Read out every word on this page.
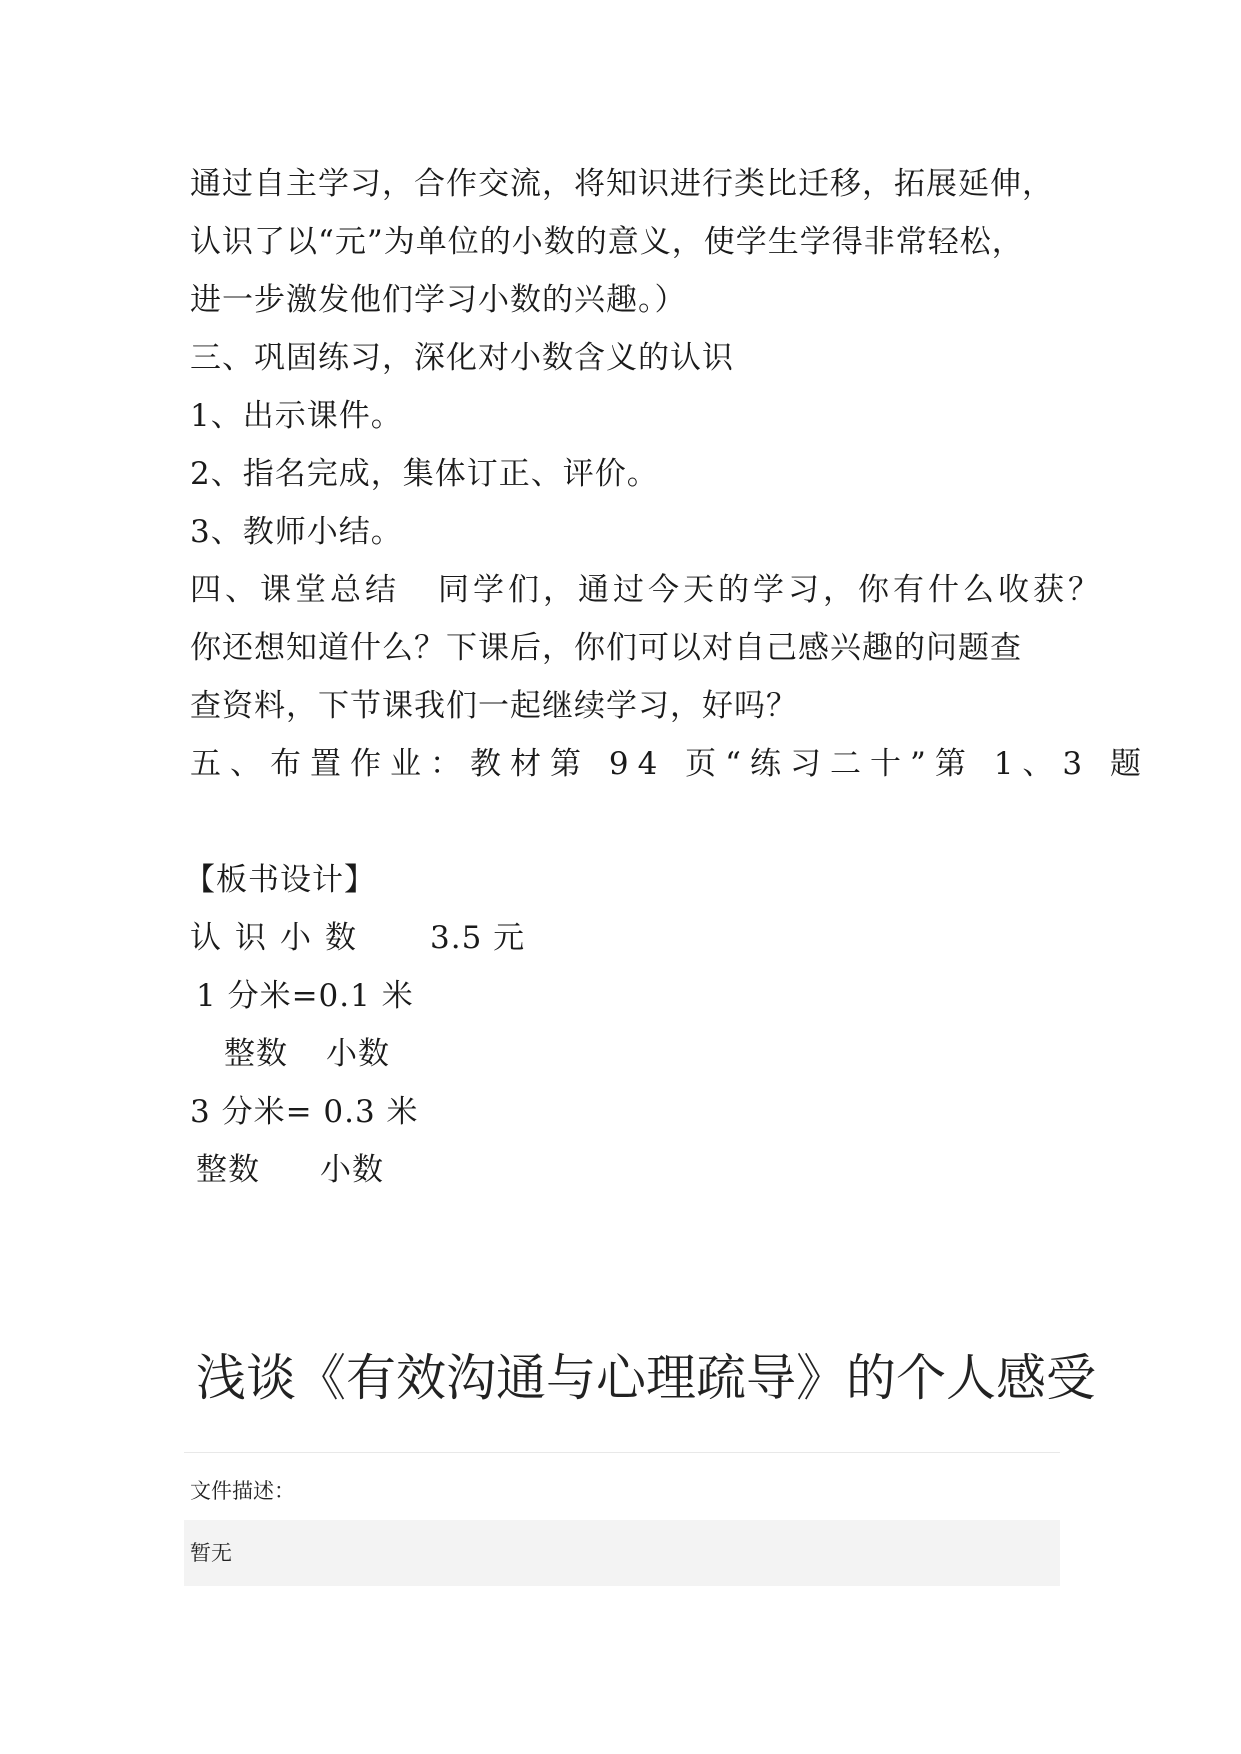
通过自主学习，合作交流，将知识进行类比迁移，拓展延伸，
认识了以“元”为单位的小数的意义，使学生学得非常轻松，
进一步激发他们学习小数的兴趣。）
三、巩固练习，深化对小数含义的认识
1、出示课件。
2、指名完成，集体订正、评价。
3、教师小结。
四、课堂总结 同学们，通过今天的学习，你有什么收获？
你还想知道什么？下课后，你们可以对自己感兴趣的问题查
查资料，下节课我们一起继续学习，好吗？
五、布置作业：教材第 94 页“练习二十”第 1、3 题
【板书设计】
认识小数 3.5 元
1 分米=0.1 米
整数 小数
3 分米= 0.3 米
整数 小数
浅谈《有效沟通与心理疏导》的个人感受
文件描述：
暂无
